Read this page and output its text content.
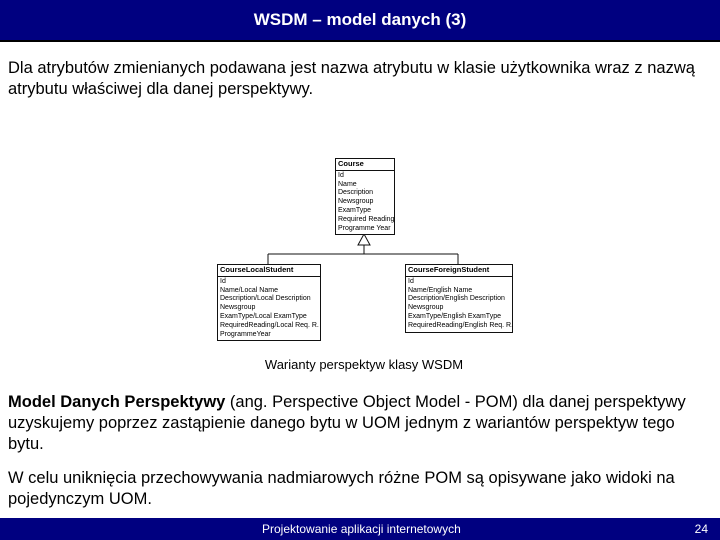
WSDM – model danych (3)

Dla atrybutów zmienianych podawana jest nazwa atrybutu w klasie użytkownika wraz z nazwą atrybutu właściwej dla danej perspektywy.

Course
Id
Name
Description
Newsgroup
ExamType
Required Reading
Programme Year
CourseLocalStudent
Id
Name/Local Name
Description/Local Description
Newsgroup
ExamType/Local ExamType
RequiredReading/Local Req. R.
ProgrammeYear
CourseForeignStudent
Id
Name/English Name
Description/English Description
Newsgroup
ExamType/English ExamType
RequiredReading/English Req. R.
Warianty perspektyw klasy WSDM

Model Danych Perspektywy (ang. Perspective Object Model - POM) dla danej perspektywy uzyskujemy poprzez zastąpienie danego bytu w UOM jednym z wariantów perspektyw tego bytu.

W celu uniknięcia przechowywania nadmiarowych różne POM są opisywane jako widoki na pojedynczym UOM.

Projektowanie aplikacji internetowych	24
